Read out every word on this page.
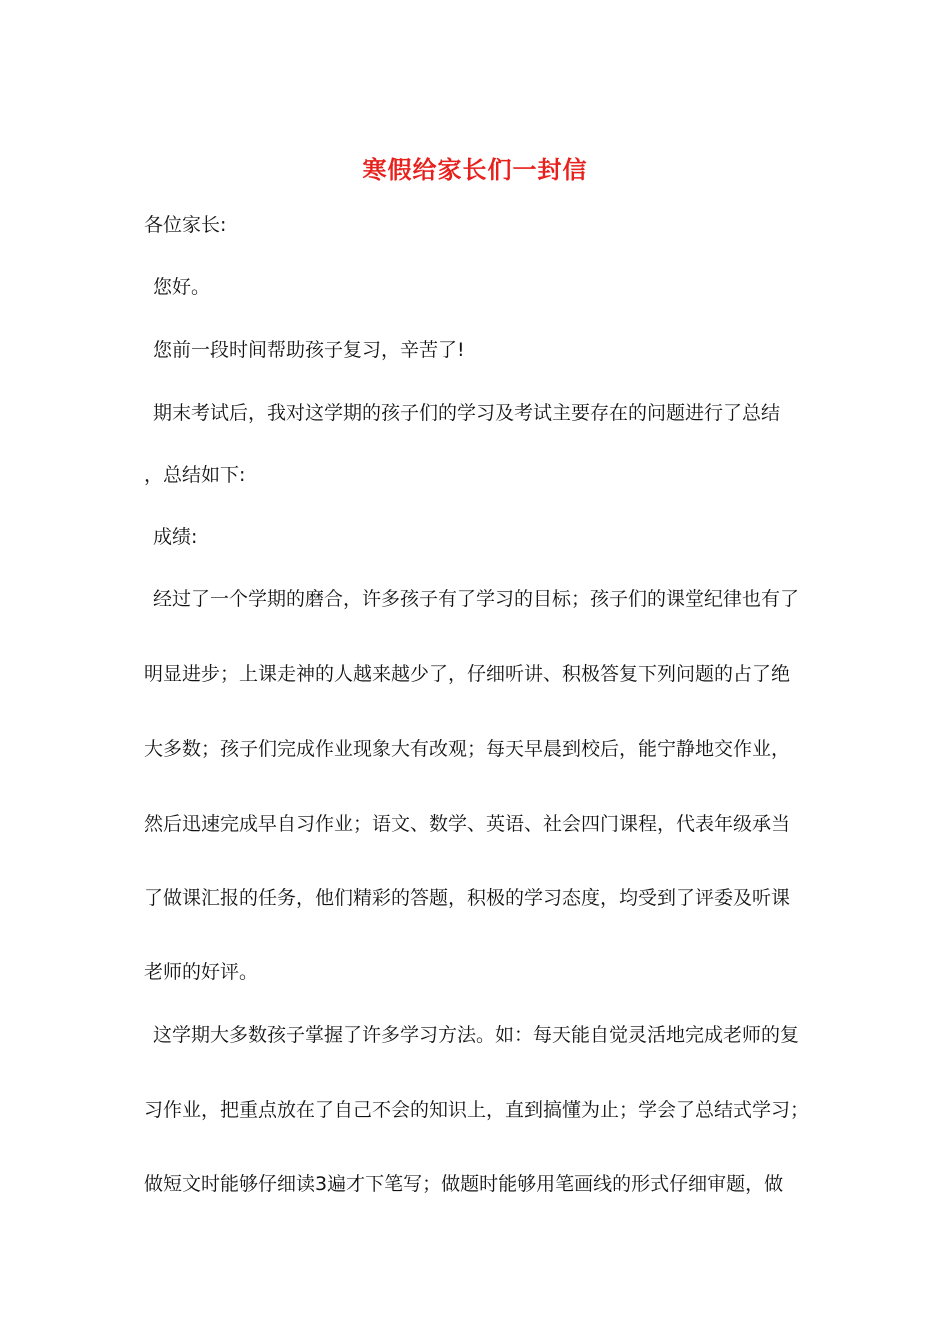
寒假给家长们一封信
各位家长:
您好。
您前一段时间帮助孩子复习，辛苦了!
期末考试后，我对这学期的孩子们的学习及考试主要存在的问题进行了总结
，总结如下:
成绩:
经过了一个学期的磨合，许多孩子有了学习的目标；孩子们的课堂纪律也有了
明显进步；上课走神的人越来越少了，仔细听讲、积极答复下列问题的占了绝
大多数；孩子们完成作业现象大有改观；每天早晨到校后，能宁静地交作业，
然后迅速完成早自习作业；语文、数学、英语、社会四门课程，代表年级承当
了做课汇报的任务，他们精彩的答题，积极的学习态度，均受到了评委及听课
老师的好评。
这学期大多数孩子掌握了许多学习方法。如：每天能自觉灵活地完成老师的复
习作业，把重点放在了自己不会的知识上，直到搞懂为止；学会了总结式学习；
做短文时能够仔细读3遍才下笔写；做题时能够用笔画线的形式仔细审题，做
